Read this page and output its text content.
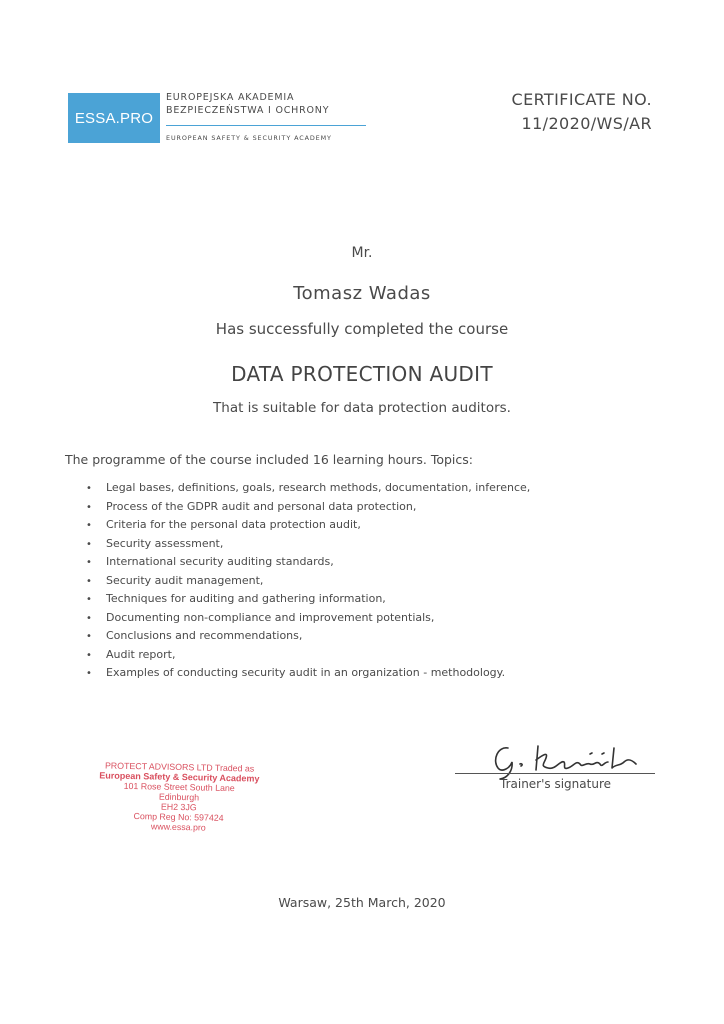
ESSA.PRO
EUROPEJSKA AKADEMIA
BEZPIECZEŃSTWA I OCHRONY
EUROPEAN SAFETY & SECURITY ACADEMY
CERTIFICATE NO.
11/2020/WS/AR
Mr.
Tomasz Wadas
Has successfully completed the course
DATA PROTECTION AUDIT
That is suitable for data protection auditors.
The programme of the course included 16 learning hours. Topics:
• Legal bases, definitions, goals, research methods, documentation, inference,
• Process of the GDPR audit and personal data protection,
• Criteria for the personal data protection audit,
• Security assessment,
• International security auditing standards,
• Security audit management,
• Techniques for auditing and gathering information,
• Documenting non-compliance and improvement potentials,
• Conclusions and recommendations,
• Audit report,
• Examples of conducting security audit in an organization - methodology.
PROTECT ADVISORS LTD Traded as
European Safety & Security Academy
101 Rose Street South Lane
Edinburgh
EH2 3JG
Comp Reg No: 597424
www.essa.pro
Trainer's signature
Warsaw, 25th March, 2020
